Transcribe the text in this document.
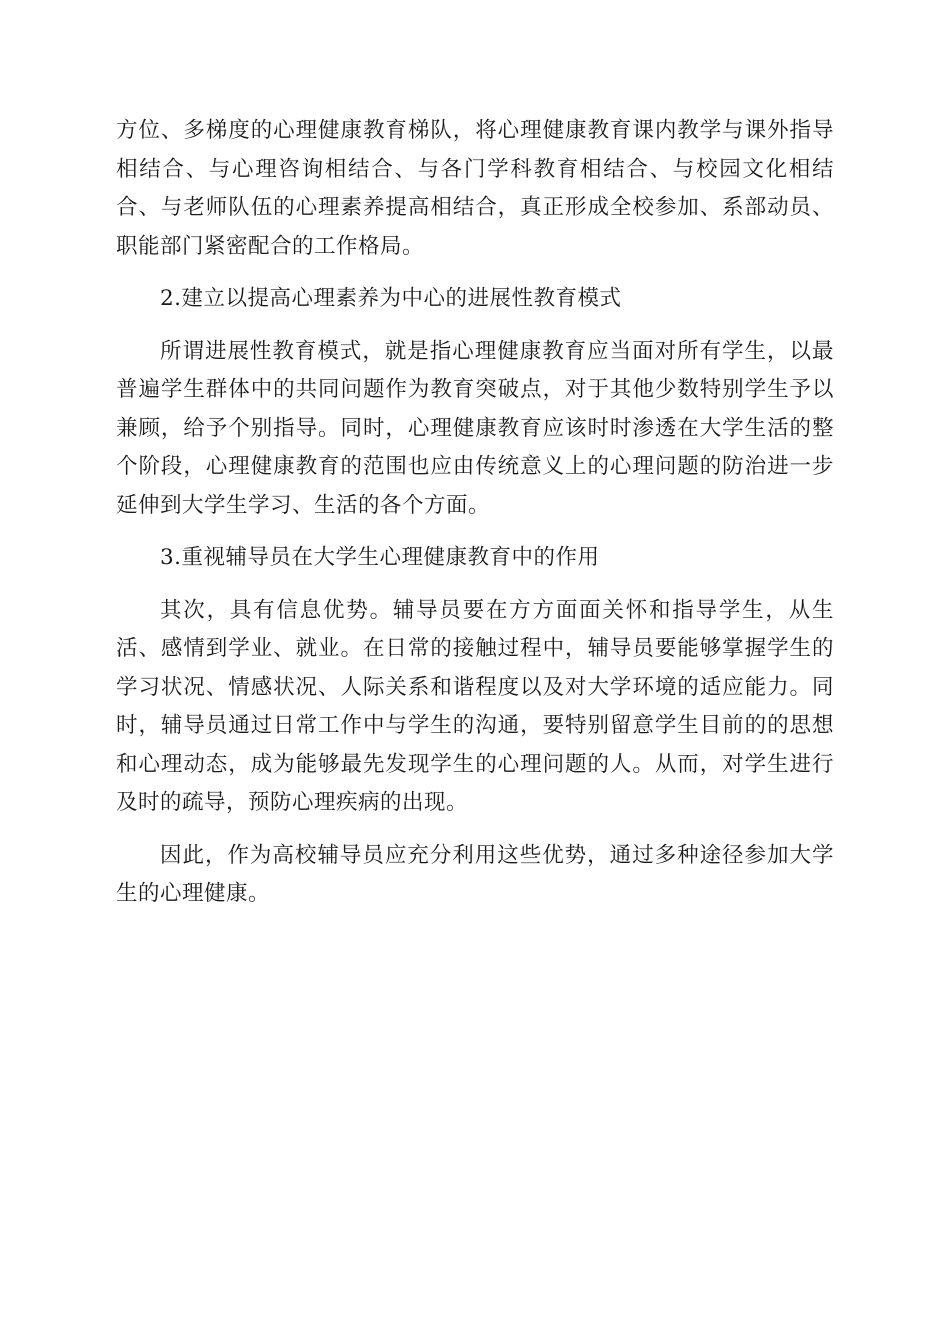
方位、多梯度的心理健康教育梯队，将心理健康教育课内教学与课外指导相结合、与心理咨询相结合、与各门学科教育相结合、与校园文化相结合、与老师队伍的心理素养提高相结合，真正形成全校参加、系部动员、职能部门紧密配合的工作格局。

2.建立以提高心理素养为中心的进展性教育模式

所谓进展性教育模式，就是指心理健康教育应当面对所有学生，以最普遍学生群体中的共同问题作为教育突破点，对于其他少数特别学生予以兼顾，给予个别指导。同时，心理健康教育应该时时渗透在大学生活的整个阶段，心理健康教育的范围也应由传统意义上的心理问题的防治进一步延伸到大学生学习、生活的各个方面。

3.重视辅导员在大学生心理健康教育中的作用

其次，具有信息优势。辅导员要在方方面面关怀和指导学生，从生活、感情到学业、就业。在日常的接触过程中，辅导员要能够掌握学生的学习状况、情感状况、人际关系和谐程度以及对大学环境的适应能力。同时，辅导员通过日常工作中与学生的沟通，要特别留意学生目前的的思想和心理动态，成为能够最先发现学生的心理问题的人。从而，对学生进行及时的疏导，预防心理疾病的出现。

因此，作为高校辅导员应充分利用这些优势，通过多种途径参加大学生的心理健康。
